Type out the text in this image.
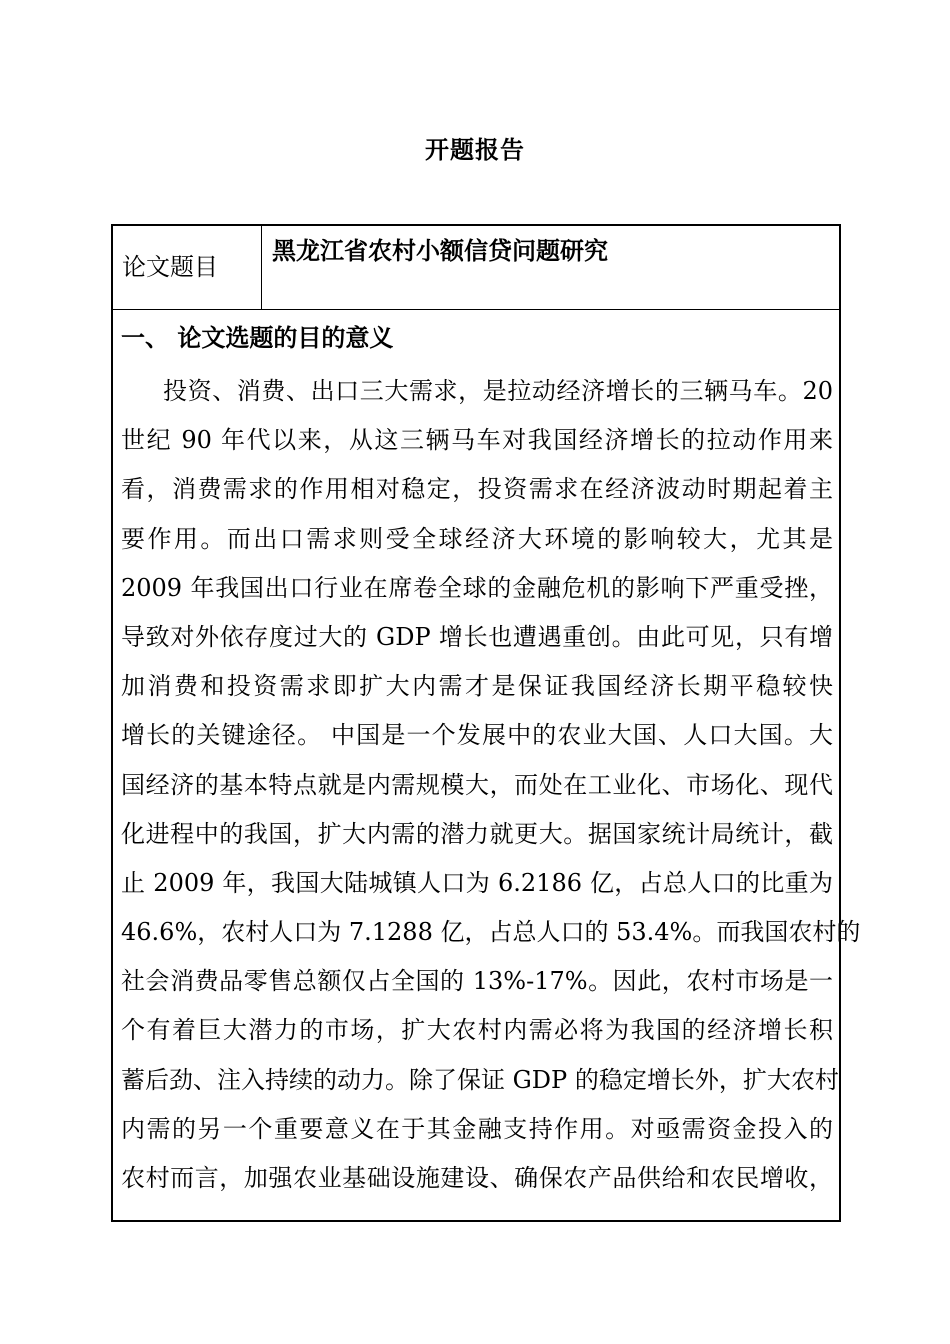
开题报告
论文题目
黑龙江省农村小额信贷问题研究
一、 论文选题的目的意义
投资、消费、出口三大需求，是拉动经济增长的三辆马车。20
世纪 90 年代以来，从这三辆马车对我国经济增长的拉动作用来
看，消费需求的作用相对稳定，投资需求在经济波动时期起着主
要作用。而出口需求则受全球经济大环境的影响较大，尤其是
2009 年我国出口行业在席卷全球的金融危机的影响下严重受挫，
导致对外依存度过大的 GDP 增长也遭遇重创。由此可见，只有增
加消费和投资需求即扩大内需才是保证我国经济长期平稳较快
增长的关键途径。 中国是一个发展中的农业大国、人口大国。大
国经济的基本特点就是内需规模大，而处在工业化、市场化、现代
化进程中的我国，扩大内需的潜力就更大。据国家统计局统计，截
止 2009 年，我国大陆城镇人口为 6.2186 亿，占总人口的比重为
46.6%，农村人口为 7.1288 亿，占总人口的 53.4%。而我国农村的
社会消费品零售总额仅占全国的 13%-17%。因此，农村市场是一
个有着巨大潜力的市场，扩大农村内需必将为我国的经济增长积
蓄后劲、注入持续的动力。除了保证 GDP 的稳定增长外，扩大农村
内需的另一个重要意义在于其金融支持作用。对亟需资金投入的
农村而言，加强农业基础设施建设、确保农产品供给和农民增收，
